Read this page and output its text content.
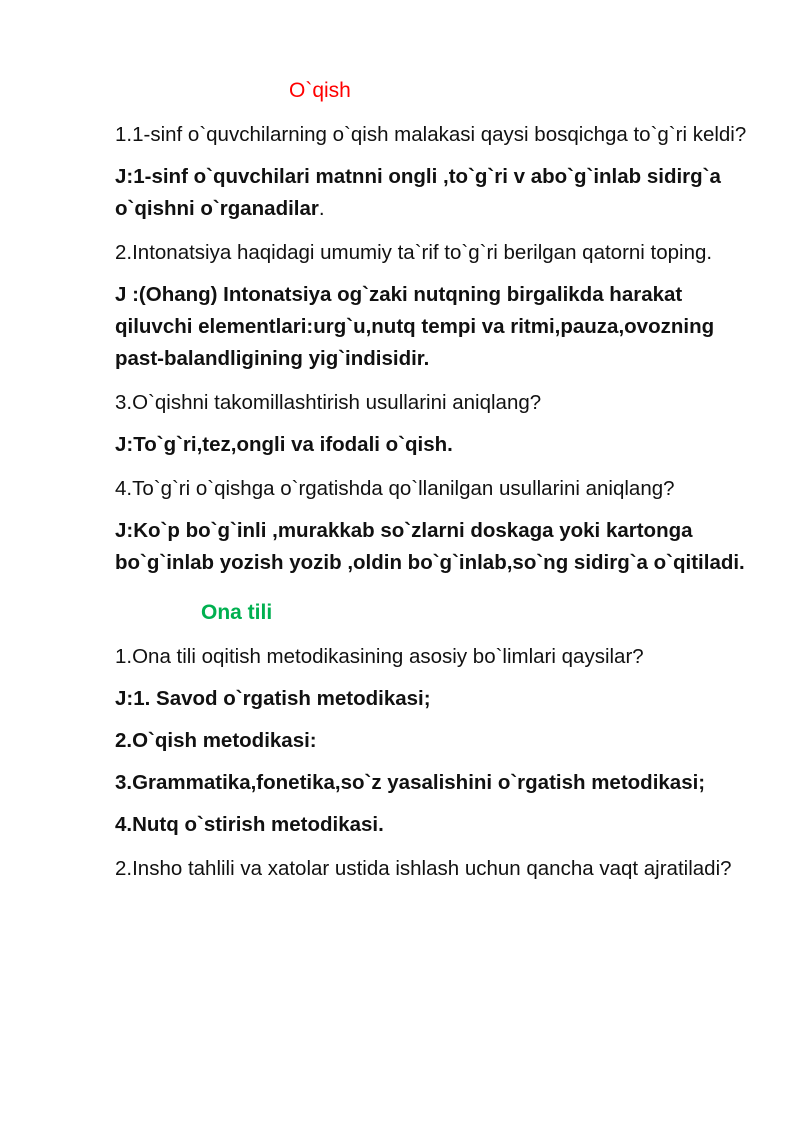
O`qish

1.1-sinf o`quvchilarning o`qish malakasi qaysi bosqichga to`g`ri keldi?

J:1-sinf o`quvchilari matnni ongli ,to`g`ri v abo`g`inlab sidirg`a o`qishni o`rganadilar.

2.Intonatsiya haqidagi umumiy ta`rif to`g`ri berilgan qatorni toping.

J :(Ohang) Intonatsiya og`zaki nutqning birgalikda harakat qiluvchi elementlari:urg`u,nutq tempi va ritmi,pauza,ovozning past-balandligining yig`indisidir.

3.O`qishni takomillashtirish usullarini aniqlang?

J:To`g`ri,tez,ongli va ifodali o`qish.

4.To`g`ri o`qishga o`rgatishda qo`llanilgan usullarini aniqlang?

J:Ko`p bo`g`inli ,murakkab so`zlarni doskaga yoki kartonga bo`g`inlab yozish yozib ,oldin bo`g`inlab,so`ng sidirg`a o`qitiladi.

Ona tili

1.Ona tili oqitish metodikasining asosiy bo`limlari qaysilar?

J:1. Savod o`rgatish metodikasi;

2.O`qish metodikasi:

3.Grammatika,fonetika,so`z yasalishini o`rgatish metodikasi;

4.Nutq o`stirish metodikasi.

2.Insho tahlili va xatolar ustida ishlash uchun qancha vaqt ajratiladi?
